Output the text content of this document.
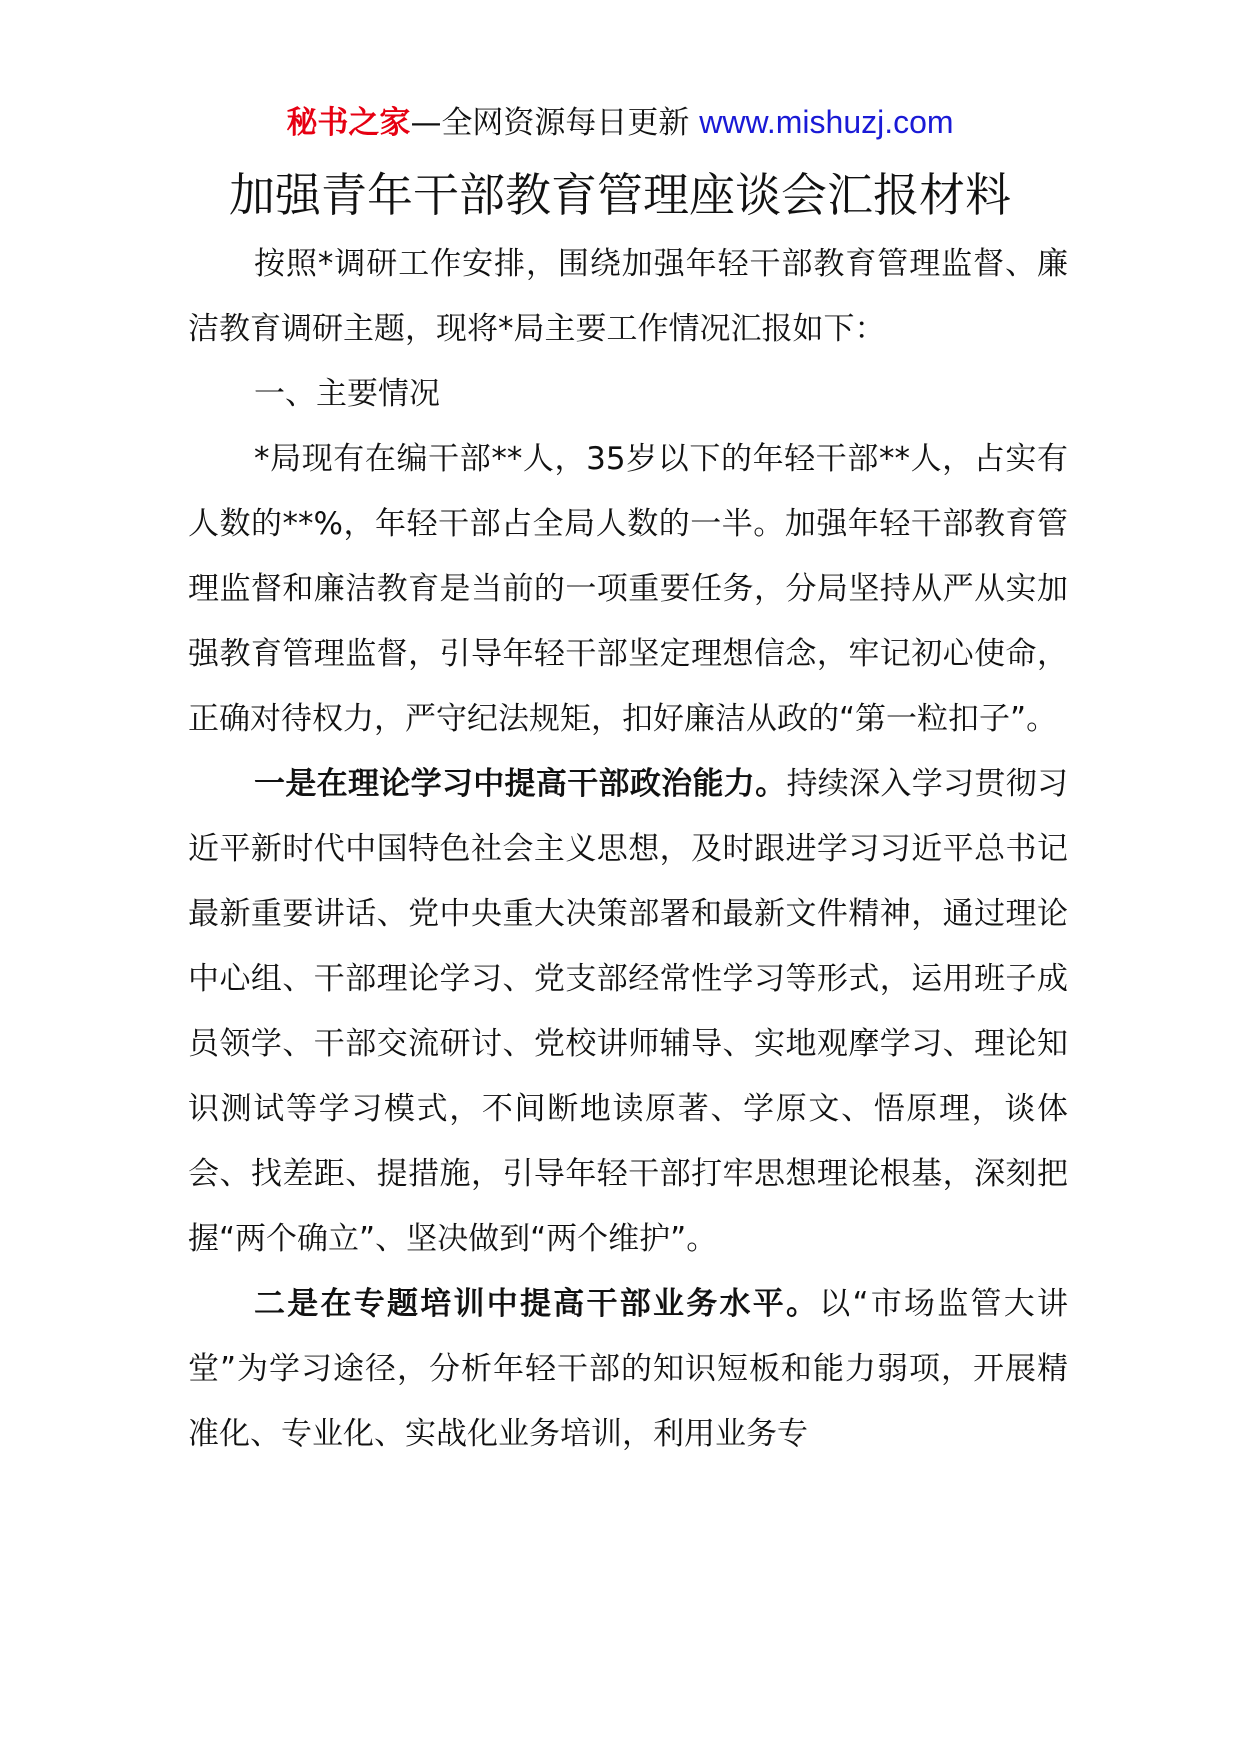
秘书之家—全网资源每日更新 www.mishuzj.com
加强青年干部教育管理座谈会汇报材料

按照*调研工作安排，围绕加强年轻干部教育管理监督、廉洁教育调研主题，现将*局主要工作情况汇报如下：

一、主要情况

*局现有在编干部**人，35岁以下的年轻干部**人，占实有人数的**%，年轻干部占全局人数的一半。加强年轻干部教育管理监督和廉洁教育是当前的一项重要任务，分局坚持从严从实加强教育管理监督，引导年轻干部坚定理想信念，牢记初心使命，正确对待权力，严守纪法规矩，扣好廉洁从政的“第一粒扣子”。

一是在理论学习中提高干部政治能力。持续深入学习贯彻习近平新时代中国特色社会主义思想，及时跟进学习习近平总书记最新重要讲话、党中央重大决策部署和最新文件精神，通过理论中心组、干部理论学习、党支部经常性学习等形式，运用班子成员领学、干部交流研讨、党校讲师辅导、实地观摩学习、理论知识测试等学习模式，不间断地读原著、学原文、悟原理，谈体会、找差距、提措施，引导年轻干部打牢思想理论根基，深刻把握“两个确立”、坚决做到“两个维护”。

二是在专题培训中提高干部业务水平。以“市场监管大讲堂”为学习途径，分析年轻干部的知识短板和能力弱项，开展精准化、专业化、实战化业务培训，利用业务专
